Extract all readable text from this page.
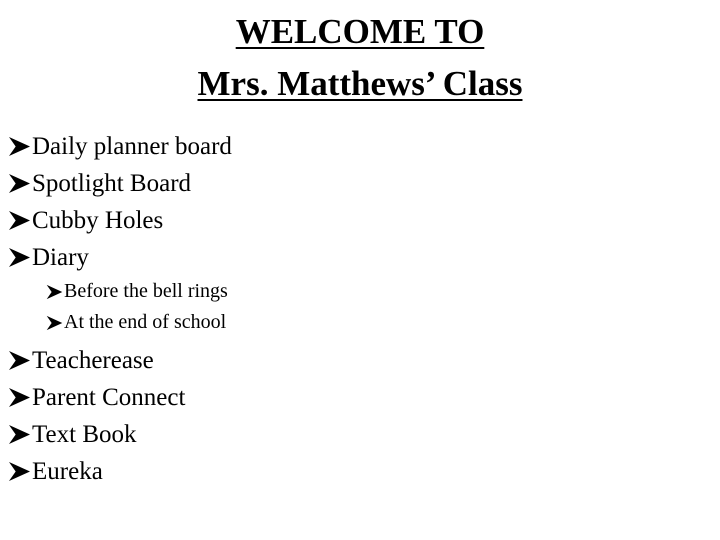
WELCOME TO
Mrs. Matthews’ Class
Daily planner board
Spotlight Board
Cubby Holes
Diary
Before the bell rings
At the end of school
Teacherease
Parent Connect
Text Book
Eureka
